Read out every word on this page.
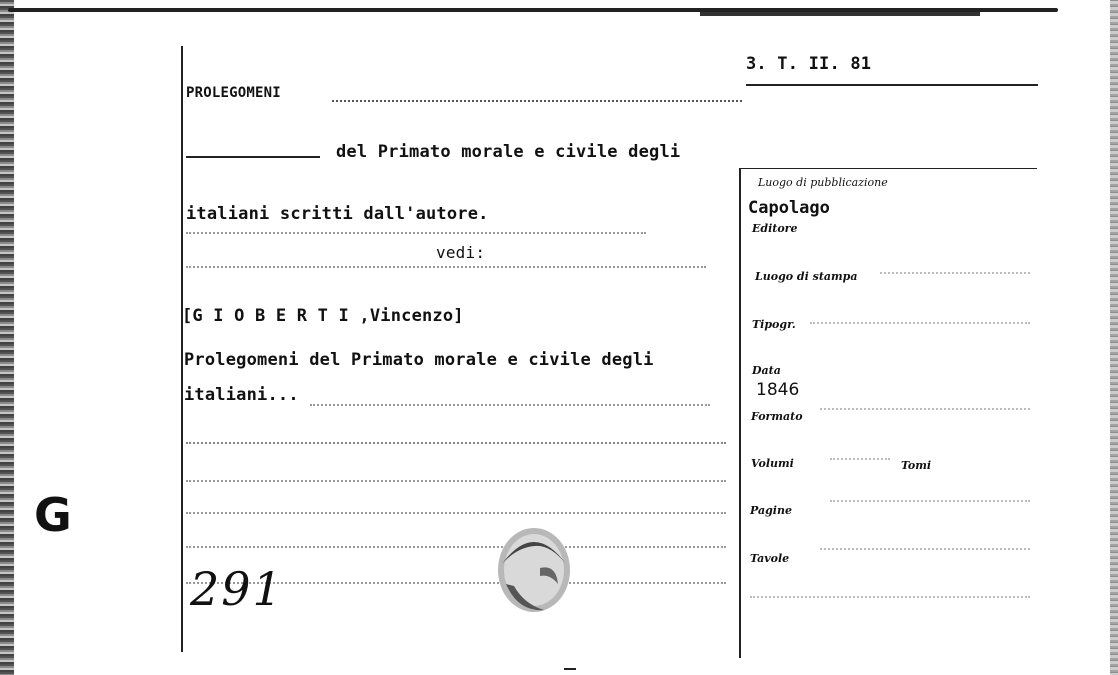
3. T. II. 81
PROLEGOMENI
del Primato morale e civile degli
italiani scritti dall'autore.
vedi:
[G I O B E R T I ,Vincenzo]
Prolegomeni del Primato morale e civile degli
italiani...
291
G
Luogo di pubblicazione
Capolago
Editore
Luogo di stampa
Tipogr.
Data
1846
Formato
Volumi	Tomi
Pagine
Tavole
